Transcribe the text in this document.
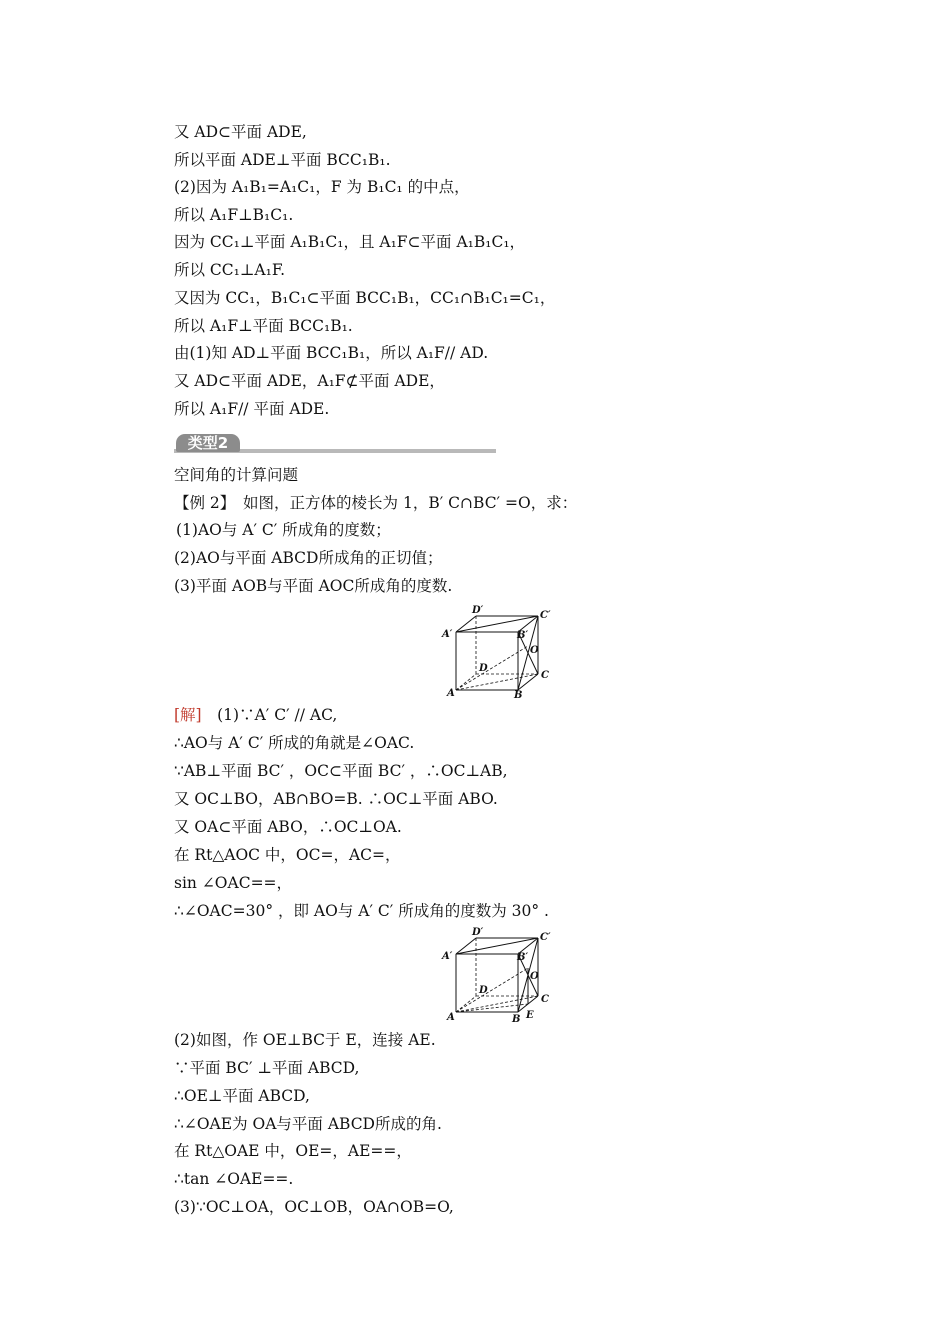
又 AD⊂平面 ADE,
所以平面 ADE⊥平面 BCC₁B₁.
(2)因为 A₁B₁=A₁C₁，F 为 B₁C₁ 的中点，
所以 A₁F⊥B₁C₁.
因为 CC₁⊥平面 A₁B₁C₁，且 A₁F⊂平面 A₁B₁C₁，
所以 CC₁⊥A₁F.
又因为 CC₁，B₁C₁⊂平面 BCC₁B₁，CC₁∩B₁C₁=C₁，
所以 A₁F⊥平面 BCC₁B₁.
由(1)知 AD⊥平面 BCC₁B₁，所以 A₁F// AD.
又 AD⊂平面 ADE，A₁F⊄平面 ADE，
所以 A₁F// 平面 ADE.
类型2
空间角的计算问题
【例 2】　如图，正方体的棱长为 1，B′ C∩BC′ =O，求：
(1)AO与 A′ C′ 所成角的度数；
(2)AO与平面 ABCD所成角的正切值；
(3)平面 AOB与平面 AOC所成角的度数.
D′	C′
A′	B′
O
D
C
A	B
[解]　(1)∵A′ C′ // AC,
∴AO与 A′ C′ 所成的角就是∠OAC.
∵AB⊥平面 BC′ ，OC⊂平面 BC′ ，∴OC⊥AB,
又 OC⊥BO，AB∩BO=B. ∴OC⊥平面 ABO.
又 OA⊂平面 ABO，∴OC⊥OA.
在 Rt△AOC 中，OC=，AC=，
sin ∠OAC==，
∴∠OAC=30° ，即 AO与 A′ C′ 所成角的度数为 30° .
D′	C′
A′	B′
O
D
C
A	B E
(2)如图，作 OE⊥BC于 E，连接 AE.
∵平面 BC′ ⊥平面 ABCD,
∴OE⊥平面 ABCD,
∴∠OAE为 OA与平面 ABCD所成的角.
在 Rt△OAE 中，OE=，AE==，
∴tan ∠OAE==.
(3)∵OC⊥OA，OC⊥OB，OA∩OB=O,
